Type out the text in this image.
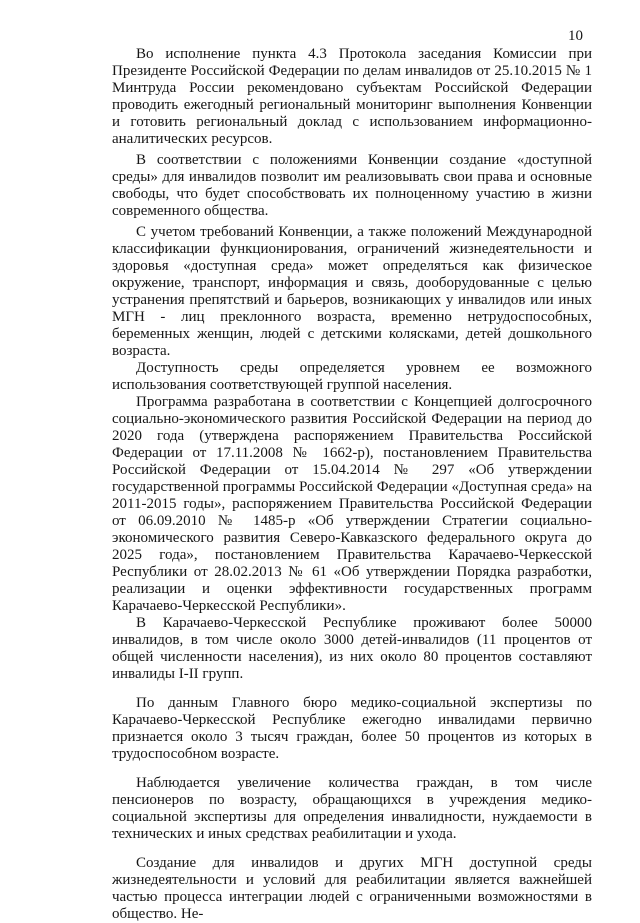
10

Во исполнение пункта 4.3 Протокола заседания Комиссии при Президенте Российской Федерации по делам инвалидов от 25.10.2015 № 1 Минтруда России рекомендовано субъектам Российской Федерации проводить ежегодный региональный мониторинг выполнения Конвенции и готовить региональный доклад с использованием информационно-аналитических ресурсов.

В соответствии с положениями Конвенции создание «доступной среды» для инвалидов позволит им реализовывать свои права и основные свободы, что будет способствовать их полноценному участию в жизни современного общества.

С учетом требований Конвенции, а также положений Международной классификации функционирования, ограничений жизнедеятельности и здоровья «доступная среда» может определяться как физическое окружение, транспорт, информация и связь, дооборудованные с целью устранения препятствий и барьеров, возникающих у инвалидов или иных МГН - лиц преклонного возраста, временно нетрудоспособных, беременных женщин, людей с детскими колясками, детей дошкольного возраста.

Доступность среды определяется уровнем ее возможного использования соответствующей группой населения.

Программа разработана в соответствии с Концепцией долгосрочного социально-экономического развития Российской Федерации на период до 2020 года (утверждена распоряжением Правительства Российской Федерации от 17.11.2008 № 1662-р), постановлением Правительства Российской Федерации от 15.04.2014 № 297 «Об утверждении государственной программы Российской Федерации «Доступная среда» на 2011-2015 годы», распоряжением Правительства Российской Федерации от 06.09.2010 № 1485-р «Об утверждении Стратегии социально-экономического развития Северо-Кавказского федерального округа до 2025 года», постановлением Правительства Карачаево-Черкесской Республики от 28.02.2013 № 61 «Об утверждении Порядка разработки, реализации и оценки эффективности государственных программ Карачаево-Черкесской Республики».

В Карачаево-Черкесской Республике проживают более 50000 инвалидов, в том числе около 3000 детей-инвалидов (11 процентов от общей численности населения), из них около 80 процентов составляют инвалиды I-II групп.

По данным Главного бюро медико-социальной экспертизы по Карачаево-Черкесской Республике ежегодно инвалидами первично признается около 3 тысяч граждан, более 50 процентов из которых в трудоспособном возрасте.

Наблюдается увеличение количества граждан, в том числе пенсионеров по возрасту, обращающихся в учреждения медико-социальной экспертизы для определения инвалидности, нуждаемости в технических и иных средствах реабилитации и ухода.

Создание для инвалидов и других МГН доступной среды жизнедеятельности и условий для реабилитации является важнейшей частью процесса интеграции людей с ограниченными возможностями в общество. Не-
